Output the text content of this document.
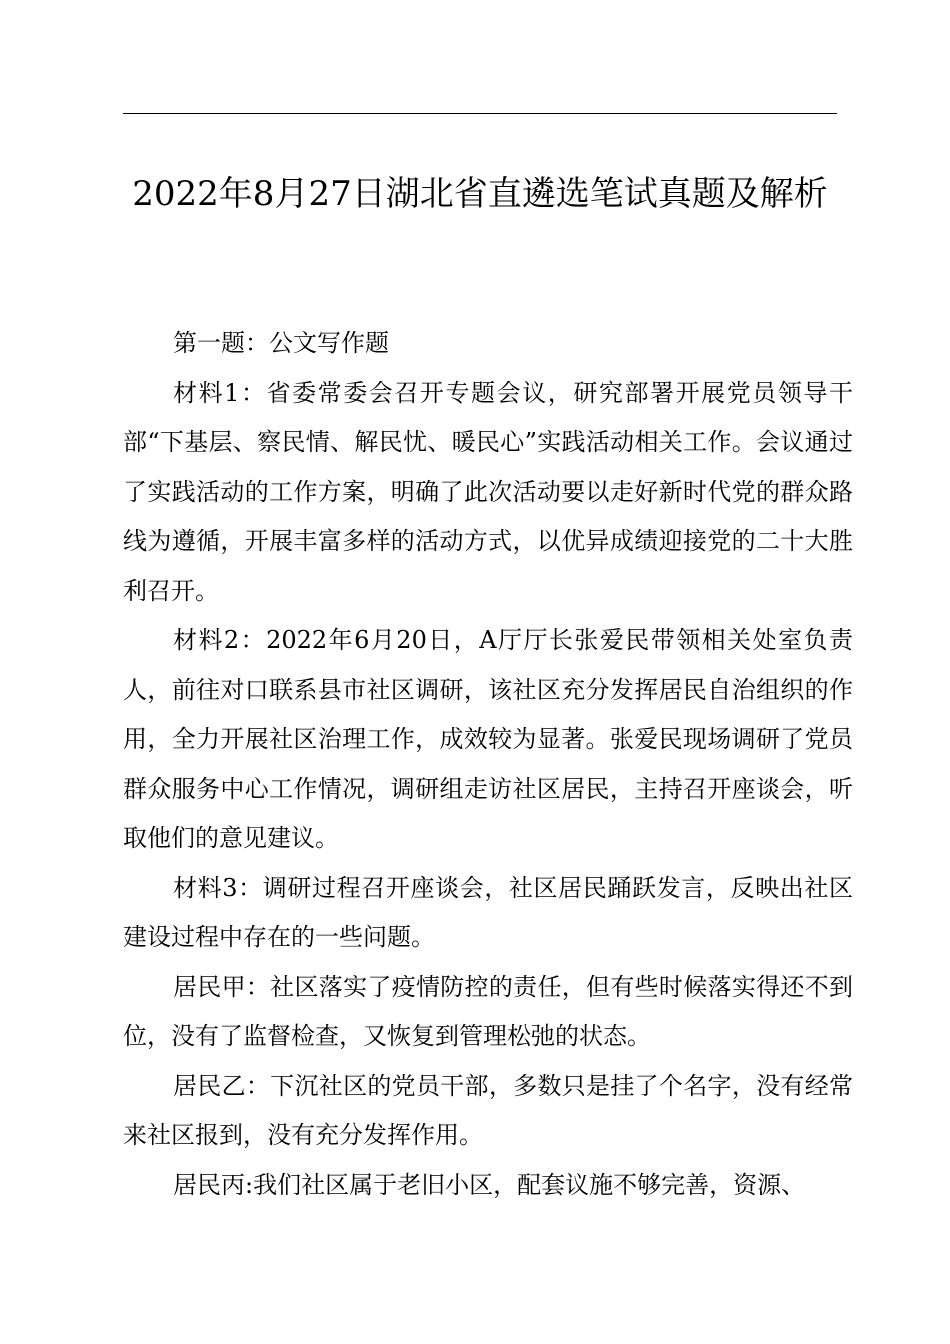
2022年8月27日湖北省直遴选笔试真题及解析

第一题：公文写作题

材料1：省委常委会召开专题会议，研究部署开展党员领导干部“下基层、察民情、解民忧、暖民心”实践活动相关工作。会议通过了实践活动的工作方案，明确了此次活动要以走好新时代党的群众路线为遵循，开展丰富多样的活动方式，以优异成绩迎接党的二十大胜利召开。

材料2：2022年6月20日，A厅厅长张爱民带领相关处室负责人，前往对口联系县市社区调研，该社区充分发挥居民自治组织的作用，全力开展社区治理工作，成效较为显著。张爱民现场调研了党员群众服务中心工作情况，调研组走访社区居民，主持召开座谈会，听取他们的意见建议。

材料3：调研过程召开座谈会，社区居民踊跃发言，反映出社区建设过程中存在的一些问题。

居民甲：社区落实了疫情防控的责任，但有些时候落实得还不到位，没有了监督检查，又恢复到管理松弛的状态。

居民乙：下沉社区的党员干部，多数只是挂了个名字，没有经常来社区报到，没有充分发挥作用。

居民丙:我们社区属于老旧小区，配套议施不够完善，资源、
